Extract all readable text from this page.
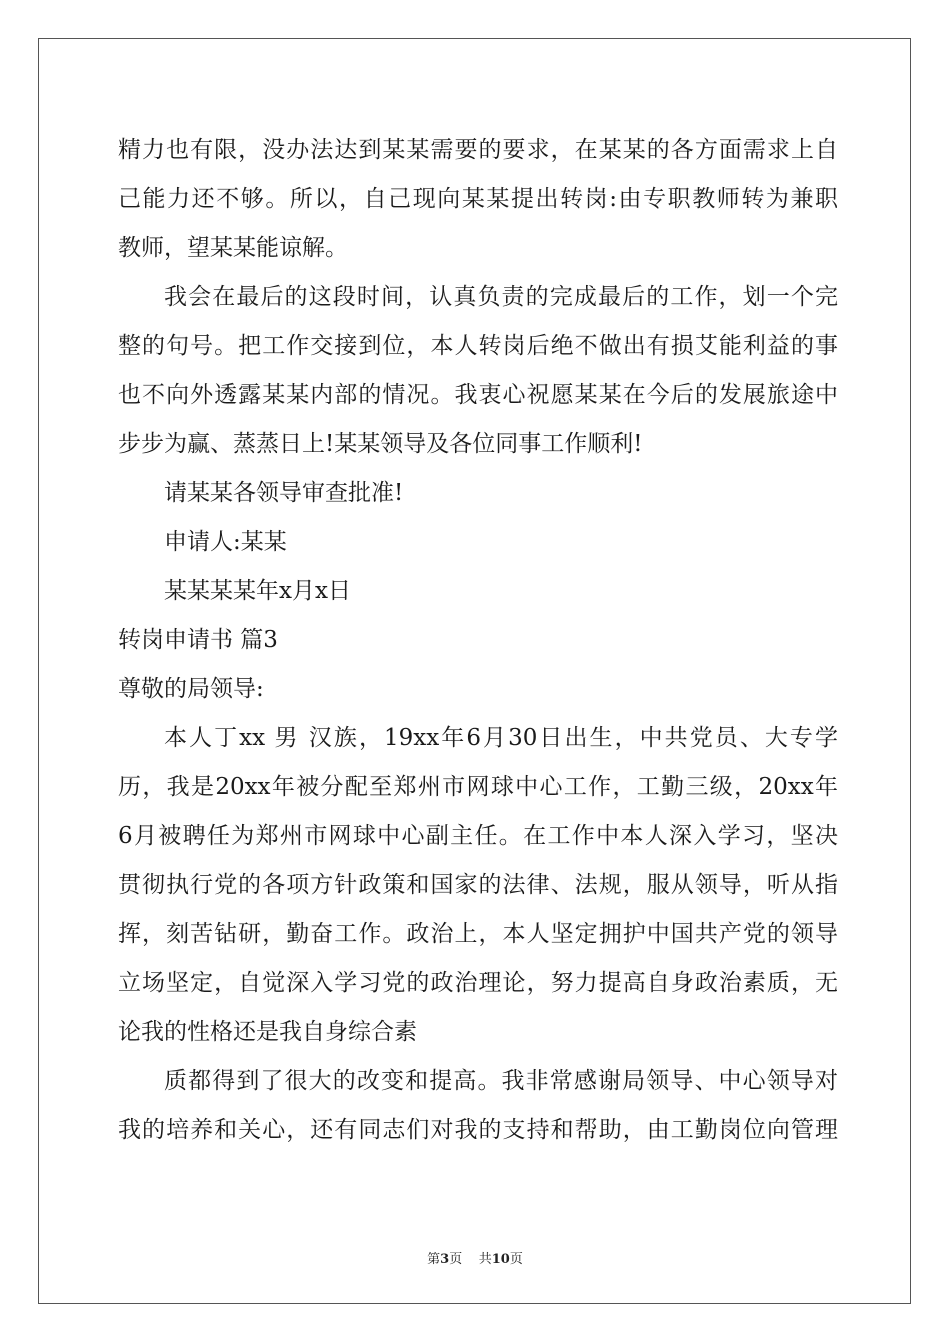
精力也有限，没办法达到某某需要的要求，在某某的各方面需求上自
己能力还不够。所以，自己现向某某提出转岗:由专职教师转为兼职
教师，望某某能谅解。
我会在最后的这段时间，认真负责的完成最后的工作，划一个完
整的句号。把工作交接到位，本人转岗后绝不做出有损艾能利益的事
也不向外透露某某内部的情况。我衷心祝愿某某在今后的发展旅途中
步步为赢、蒸蒸日上!某某领导及各位同事工作顺利!
请某某各领导审查批准!
申请人:某某
某某某某年x月x日
转岗申请书 篇3
尊敬的局领导:
本人丁xx 男 汉族，19xx年6月30日出生，中共党员、大专学
历，我是20xx年被分配至郑州市网球中心工作，工勤三级，20xx年
6月被聘任为郑州市网球中心副主任。在工作中本人深入学习，坚决
贯彻执行党的各项方针政策和国家的法律、法规，服从领导，听从指
挥，刻苦钻研，勤奋工作。政治上，本人坚定拥护中国共产党的领导
立场坚定，自觉深入学习党的政治理论，努力提高自身政治素质，无
论我的性格还是我自身综合素
质都得到了很大的改变和提高。我非常感谢局领导、中心领导对
我的培养和关心，还有同志们对我的支持和帮助，由工勤岗位向管理
第3页 共10页
